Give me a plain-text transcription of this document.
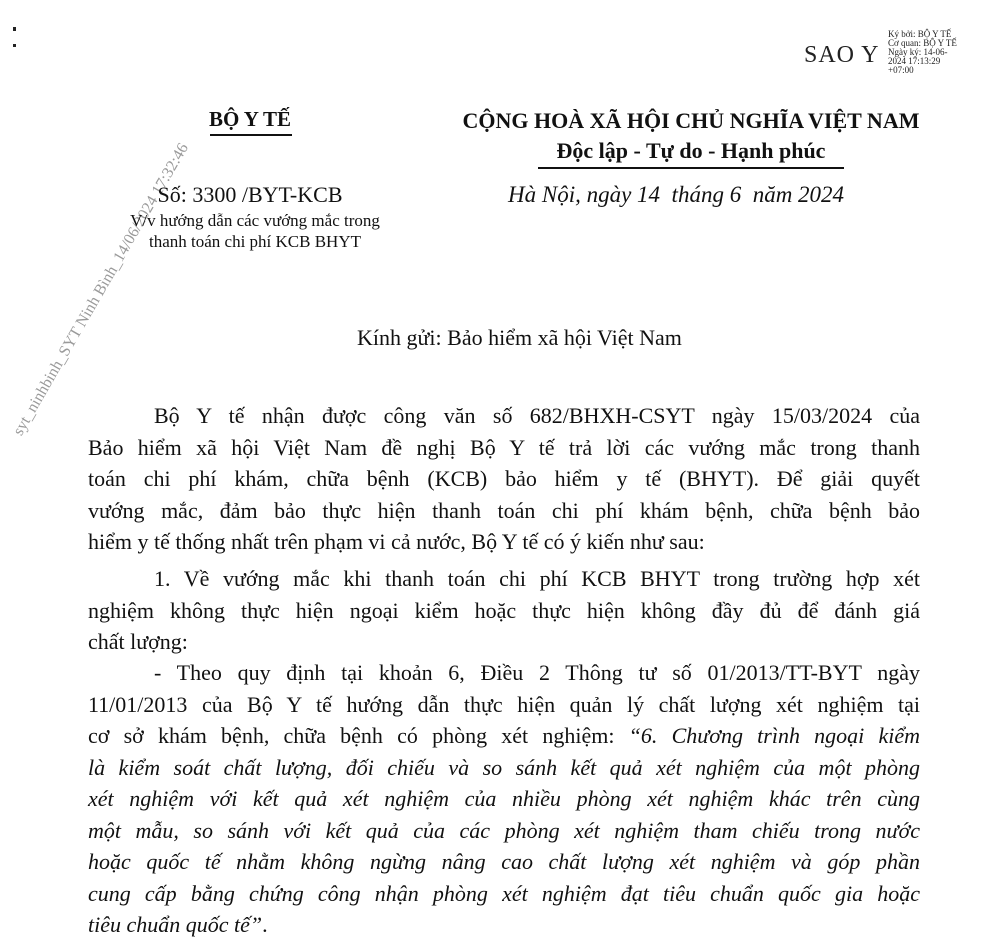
syt_ninhbinh_SYT Ninh Bình_14/06/2024 17:32:46
SAO Y
Ký bởi: BỘ Y TẾ
Cơ quan: BỘ Y TẾ
Ngày ký: 14-06-
2024 17:13:29
+07:00
BỘ Y TẾ
Số: 3300 /BYT-KCB
V/v hướng dẫn các vướng mắc trong
thanh toán chi phí KCB BHYT
CỘNG HOÀ XÃ HỘI CHỦ NGHĨA VIỆT NAM
Độc lập - Tự do - Hạnh phúc
Hà Nội, ngày 14  tháng 6  năm 2024
Kính gửi: Bảo hiểm xã hội Việt Nam
Bộ Y tế nhận được công văn số 682/BHXH-CSYT ngày 15/03/2024 của
Bảo hiểm xã hội Việt Nam đề nghị Bộ Y tế trả lời các vướng mắc trong thanh
toán chi phí khám, chữa bệnh (KCB) bảo hiểm y tế (BHYT). Để giải quyết
vướng mắc, đảm bảo thực hiện thanh toán chi phí khám bệnh, chữa bệnh bảo
hiểm y tế thống nhất trên phạm vi cả nước, Bộ Y tế có ý kiến như sau:
1. Về vướng mắc khi thanh toán chi phí KCB BHYT trong trường hợp xét
nghiệm không thực hiện ngoại kiểm hoặc thực hiện không đầy đủ để đánh giá
chất lượng:
- Theo quy định tại khoản 6, Điều 2 Thông tư số 01/2013/TT-BYT ngày
11/01/2013 của Bộ Y tế hướng dẫn thực hiện quản lý chất lượng xét nghiệm tại
cơ sở khám bệnh, chữa bệnh có phòng xét nghiệm: “6. Chương trình ngoại kiểm
là kiểm soát chất lượng, đối chiếu và so sánh kết quả xét nghiệm của một phòng
xét nghiệm với kết quả xét nghiệm của nhiều phòng xét nghiệm khác trên cùng
một mẫu, so sánh với kết quả của các phòng xét nghiệm tham chiếu trong nước
hoặc quốc tế nhằm không ngừng nâng cao chất lượng xét nghiệm và góp phần
cung cấp bằng chứng công nhận phòng xét nghiệm đạt tiêu chuẩn quốc gia hoặc
tiêu chuẩn quốc tế”.
